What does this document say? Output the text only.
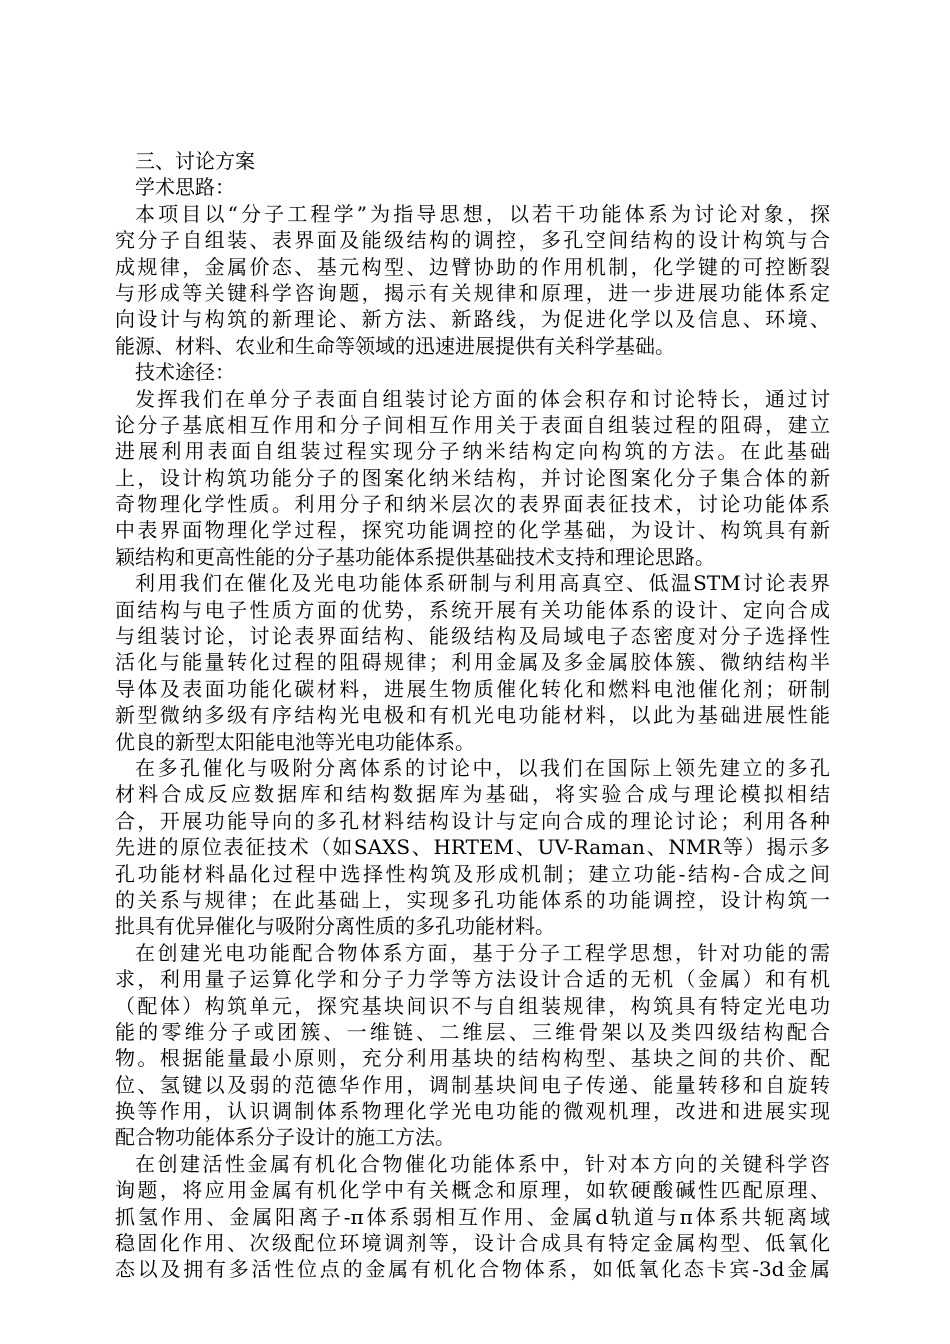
三、讨论方案
学术思路：
本项目以“分子工程学”为指导思想，以若干功能体系为讨论对象，探
究分子自组装、表界面及能级结构的调控，多孔空间结构的设计构筑与合
成规律，金属价态、基元构型、边臂协助的作用机制，化学键的可控断裂
与形成等关键科学咨询题，揭示有关规律和原理，进一步进展功能体系定
向设计与构筑的新理论、新方法、新路线，为促进化学以及信息、环境、
能源、材料、农业和生命等领域的迅速进展提供有关科学基础。
技术途径：
发挥我们在单分子表面自组装讨论方面的体会积存和讨论特长，通过讨
论分子基底相互作用和分子间相互作用关于表面自组装过程的阻碍，建立
进展利用表面自组装过程实现分子纳米结构定向构筑的方法。在此基础
上，设计构筑功能分子的图案化纳米结构，并讨论图案化分子集合体的新
奇物理化学性质。利用分子和纳米层次的表界面表征技术，讨论功能体系
中表界面物理化学过程，探究功能调控的化学基础，为设计、构筑具有新
颖结构和更高性能的分子基功能体系提供基础技术支持和理论思路。
利用我们在催化及光电功能体系研制与利用高真空、低温STM讨论表界
面结构与电子性质方面的优势，系统开展有关功能体系的设计、定向合成
与组装讨论，讨论表界面结构、能级结构及局域电子态密度对分子选择性
活化与能量转化过程的阻碍规律；利用金属及多金属胶体簇、微纳结构半
导体及表面功能化碳材料，进展生物质催化转化和燃料电池催化剂；研制
新型微纳多级有序结构光电极和有机光电功能材料，以此为基础进展性能
优良的新型太阳能电池等光电功能体系。
在多孔催化与吸附分离体系的讨论中，以我们在国际上领先建立的多孔
材料合成反应数据库和结构数据库为基础，将实验合成与理论模拟相结
合，开展功能导向的多孔材料结构设计与定向合成的理论讨论；利用各种
先进的原位表征技术（如SAXS、HRTEM、UV-Raman、NMR等）揭示多
孔功能材料晶化过程中选择性构筑及形成机制；建立功能-结构-合成之间
的关系与规律；在此基础上，实现多孔功能体系的功能调控，设计构筑一
批具有优异催化与吸附分离性质的多孔功能材料。
在创建光电功能配合物体系方面，基于分子工程学思想，针对功能的需
求，利用量子运算化学和分子力学等方法设计合适的无机（金属）和有机
（配体）构筑单元，探究基块间识不与自组装规律，构筑具有特定光电功
能的零维分子或团簇、一维链、二维层、三维骨架以及类四级结构配合
物。根据能量最小原则，充分利用基块的结构构型、基块之间的共价、配
位、氢键以及弱的范德华作用，调制基块间电子传递、能量转移和自旋转
换等作用，认识调制体系物理化学光电功能的微观机理，改进和进展实现
配合物功能体系分子设计的施工方法。
在创建活性金属有机化合物催化功能体系中，针对本方向的关键科学咨
询题，将应用金属有机化学中有关概念和原理，如软硬酸碱性匹配原理、
抓氢作用、金属阳离子-π体系弱相互作用、金属d轨道与π体系共轭离域
稳固化作用、次级配位环境调剂等，设计合成具有特定金属构型、低氧化
态以及拥有多活性位点的金属有机化合物体系，如低氧化态卡宾-3d金属
